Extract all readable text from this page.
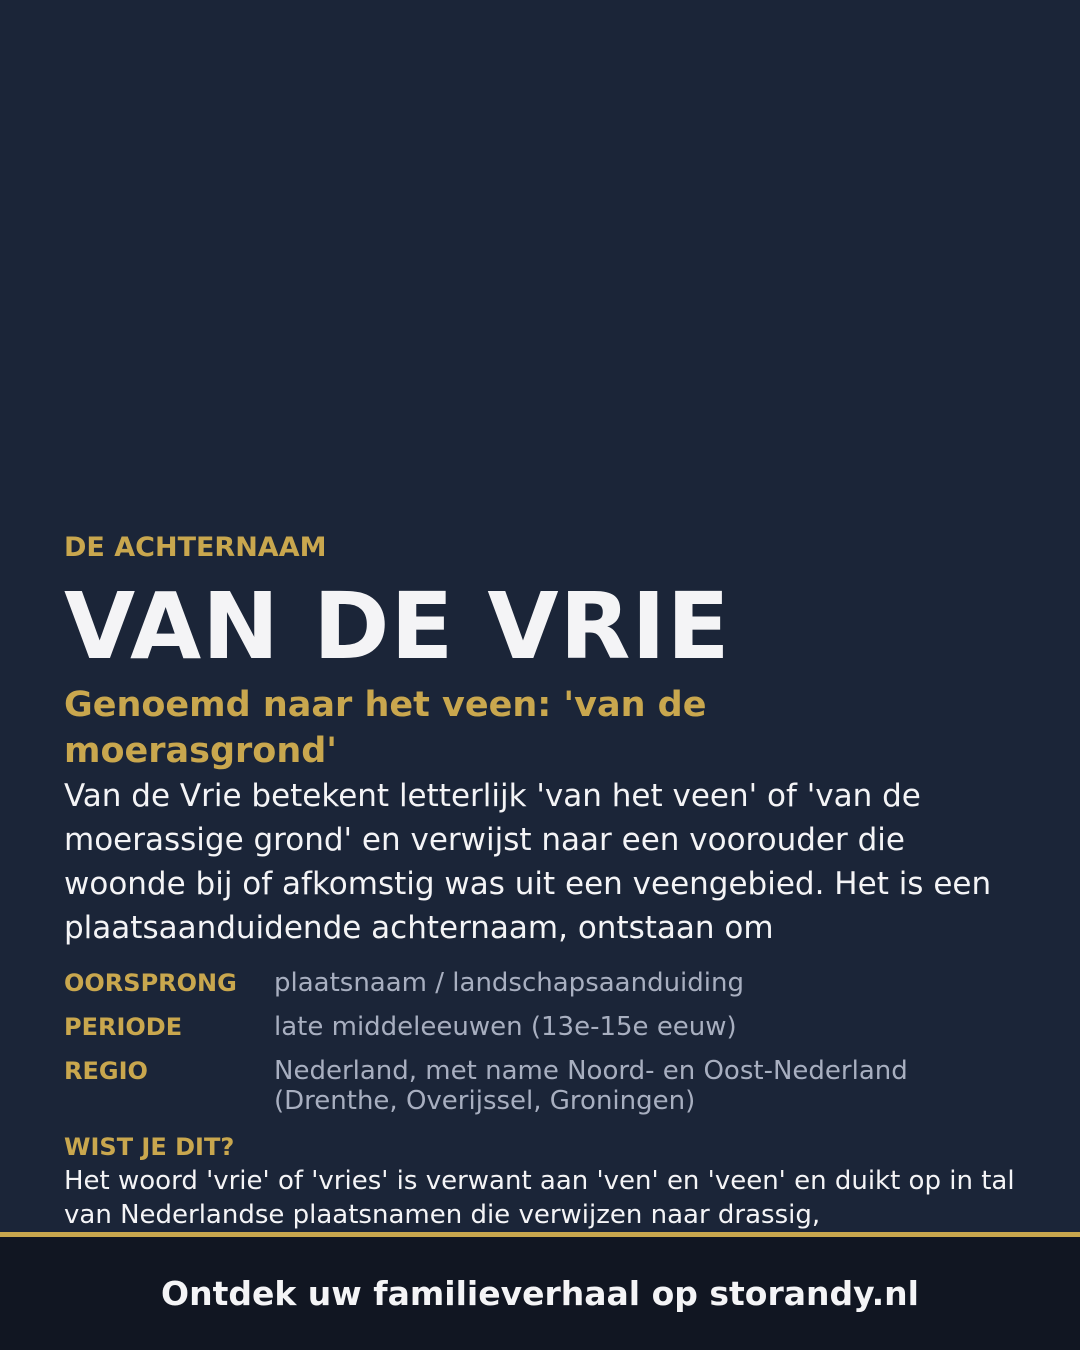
DE ACHTERNAAM

VAN DE VRIE
Genoemd naar het veen: 'van de moerasgrond'

Van de Vrie betekent letterlijk 'van het veen' of 'van de moerassige grond' en verwijst naar een voorouder die woonde bij of afkomstig was uit een veengebied. Het is een plaatsaanduidende achternaam, ontstaan om

OORSPRONG	plaatsnaam / landschapsaanduiding
PERIODE	late middeleeuwen (13e-15e eeuw)
REGIO	Nederland, met name Noord- en Oost-Nederland (Drenthe, Overijssel, Groningen)

WIST JE DIT?

Het woord 'vrie' of 'vries' is verwant aan 'ven' en 'veen' en duikt op in tal van Nederlandse plaatsnamen die verwijzen naar drassig,

Ontdek uw familieverhaal op storandy.nl
